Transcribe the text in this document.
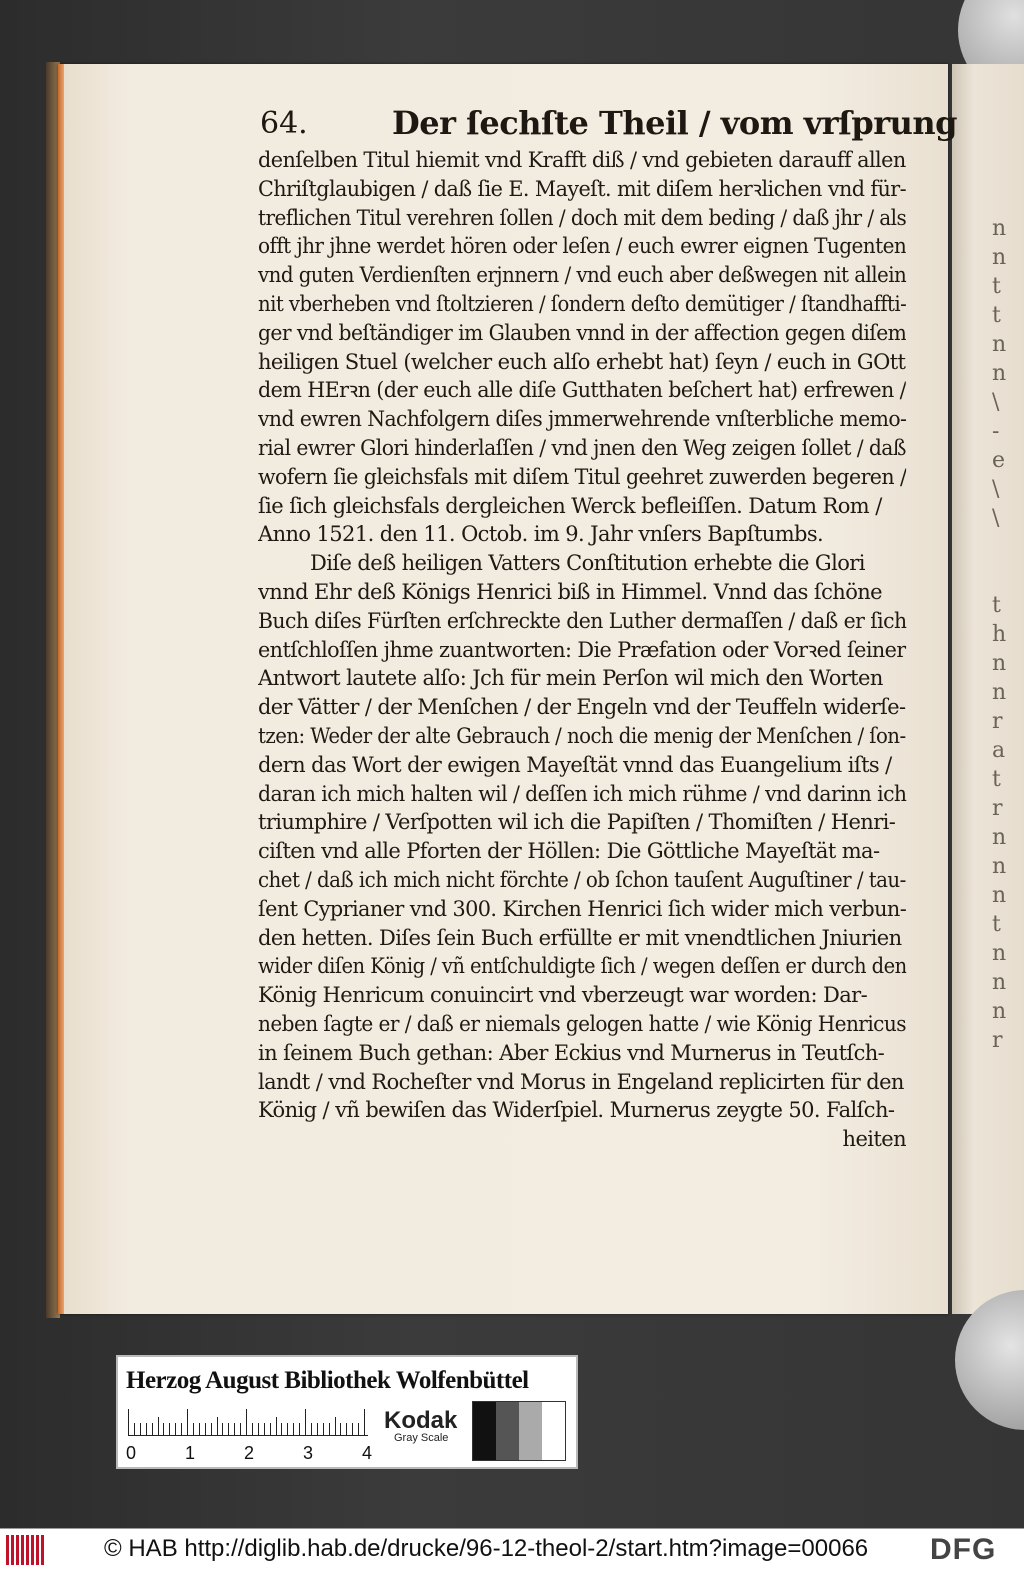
n
n
t
t
n
n
\
-
e
\
\

t
h
n
n
r
a
t
r
n
n
n
t
n
n
n
r
64.	Der ſechſte Theil / vom vrſprung
denſelben Titul hiemit vnd Krafft diß / vnd gebieten darauff allen
Chriſtglaubigen / daß ſie E. Mayeſt. mit diſem herꝛlichen vnd für-
treflichen Titul verehren ſollen / doch mit dem beding / daß jhr / als
offt jhr jhne werdet hören oder leſen / euch ewrer eignen Tugenten
vnd guten Verdienſten erjnnern / vnd euch aber deßwegen nit allein
nit vberheben vnd ſtoltzieren / ſondern deſto demütiger / ſtandhaffti-
ger vnd beſtändiger im Glauben vnnd in der affection gegen diſem
heiligen Stuel (welcher euch alſo erhebt hat) ſeyn / euch in GOtt
dem HErꝛn (der euch alle diſe Gutthaten beſchert hat) erfrewen /
vnd ewren Nachfolgern diſes jmmerwehrende vnſterbliche memo-
rial ewrer Glori hinderlaſſen / vnd jnen den Weg zeigen ſollet / daß
wofern ſie gleichsfals mit diſem Titul geehret zuwerden begeren /
ſie ſich gleichsfals dergleichen Werck befleiſſen. Datum Rom /
Anno 1521. den 11. Octob. im 9. Jahr vnſers Bapſtumbs.
Diſe deß heiligen Vatters Conſtitution erhebte die Glori
vnnd Ehr deß Königs Henrici biß in Himmel. Vnnd das ſchöne
Buch diſes Fürſten erſchreckte den Luther dermaſſen / daß er ſich
entſchloſſen jhme zuantworten: Die Præfation oder Vorꝛed ſeiner
Antwort lautete alſo: Jch für mein Perſon wil mich den Worten
der Vätter / der Menſchen / der Engeln vnd der Teuffeln widerſe-
tzen: Weder der alte Gebrauch / noch die menig der Menſchen / ſon-
dern das Wort der ewigen Mayeſtät vnnd das Euangelium iſts /
daran ich mich halten wil / deſſen ich mich rühme / vnd darinn ich
triumphire / Verſpotten wil ich die Papiſten / Thomiſten / Henri-
ciſten vnd alle Pforten der Höllen: Die Göttliche Mayeſtät ma-
chet / daß ich mich nicht förchte / ob ſchon tauſent Auguſtiner / tau-
ſent Cyprianer vnd 300. Kirchen Henrici ſich wider mich verbun-
den hetten. Diſes ſein Buch erfüllte er mit vnendtlichen Jniurien
wider diſen König / vñ entſchuldigte ſich / wegen deſſen er durch den
König Henricum conuincirt vnd vberzeugt war worden: Dar-
neben ſagte er / daß er niemals gelogen hatte / wie König Henricus
in ſeinem Buch gethan: Aber Eckius vnd Murnerus in Teutſch-
landt / vnd Rocheſter vnd Morus in Engeland replicirten für den
König / vñ bewiſen das Widerſpiel. Murnerus zeygte 50. Falſch-
heiten
Herzog August Bibliothek Wolfenbüttel
0	1	2	3	4
Kodak
Gray Scale
© HAB http://diglib.hab.de/drucke/96-12-theol-2/start.htm?image=00066 DFG
